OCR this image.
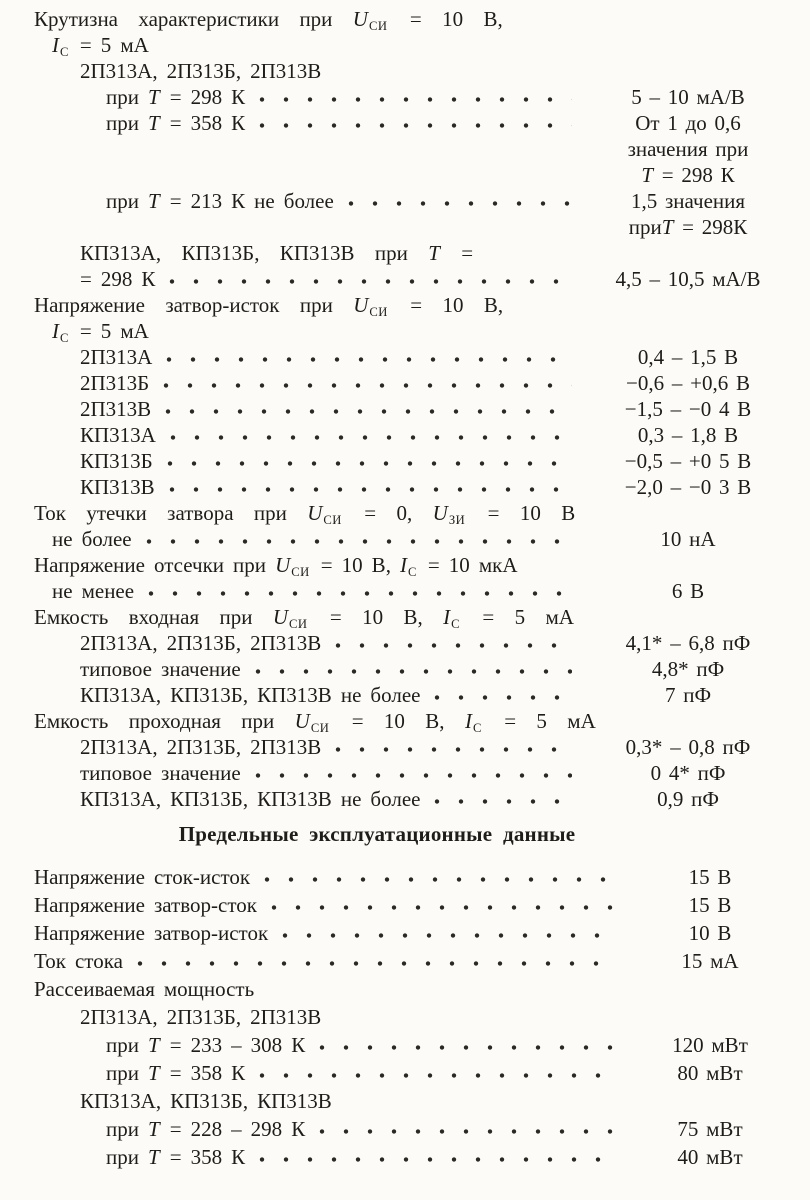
Крутизна характеристики при $U_{СИ} = 10$ В,
$I_С = 5$ мА
2П313А, 2П313Б, 2П313В
при T = 298 К	5 – 10 мА/В
при T = 358 К	От 1 до 0,6
значения при
T = 298 К
при T = 213 К не более	1,5 значения
приT = 298К
КП313А, КП313Б, КП313В при T =
= 298 К	4,5 – 10,5 мА/В
Напряжение затвор-исток при $U_{СИ} = 10$ В,
$I_С = 5$ мА
2П313А	0,4 – 1,5 В
2П313Б	−0,6 – +0,6 В
2П313В	−1,5 – −0 4 В
КП313А	0,3 – 1,8 В
КП313Б	−0,5 – +0 5 В
КП313В	−2,0 – −0 3 В
Ток утечки затвора при $U_{СИ} = 0$, $U_{ЗИ} = 10$ В
не более	10 нА
Напряжение отсечки при $U_{СИ} = 10$ В, $I_С = 10$ мкА
не менее	6 В
Емкость входная при $U_{СИ} = 10$ В, $I_С = 5$ мА
2П313А, 2П313Б, 2П313В	4,1* – 6,8 пФ
типовое значение	4,8* пФ
КП313А, КП313Б, КП313В не более	7 пФ
Емкость проходная при $U_{СИ} = 10$ В, $I_С = 5$ мА
2П313А, 2П313Б, 2П313В	0,3* – 0,8 пФ
типовое значение	0 4* пФ
КП313А, КП313Б, КП313В не более	0,9 пФ
Предельные эксплуатационные данные
Напряжение сток-исток	15 В
Напряжение затвор-сток	15 В
Напряжение затвор-исток	10 В
Ток стока	15 мА
Рассеиваемая мощность
2П313А, 2П313Б, 2П313В
при T = 233 – 308 К	120 мВт
при T = 358 К	80 мВт
КП313А, КП313Б, КП313В
при T = 228 – 298 К	75 мВт
при T = 358 К	40 мВт
